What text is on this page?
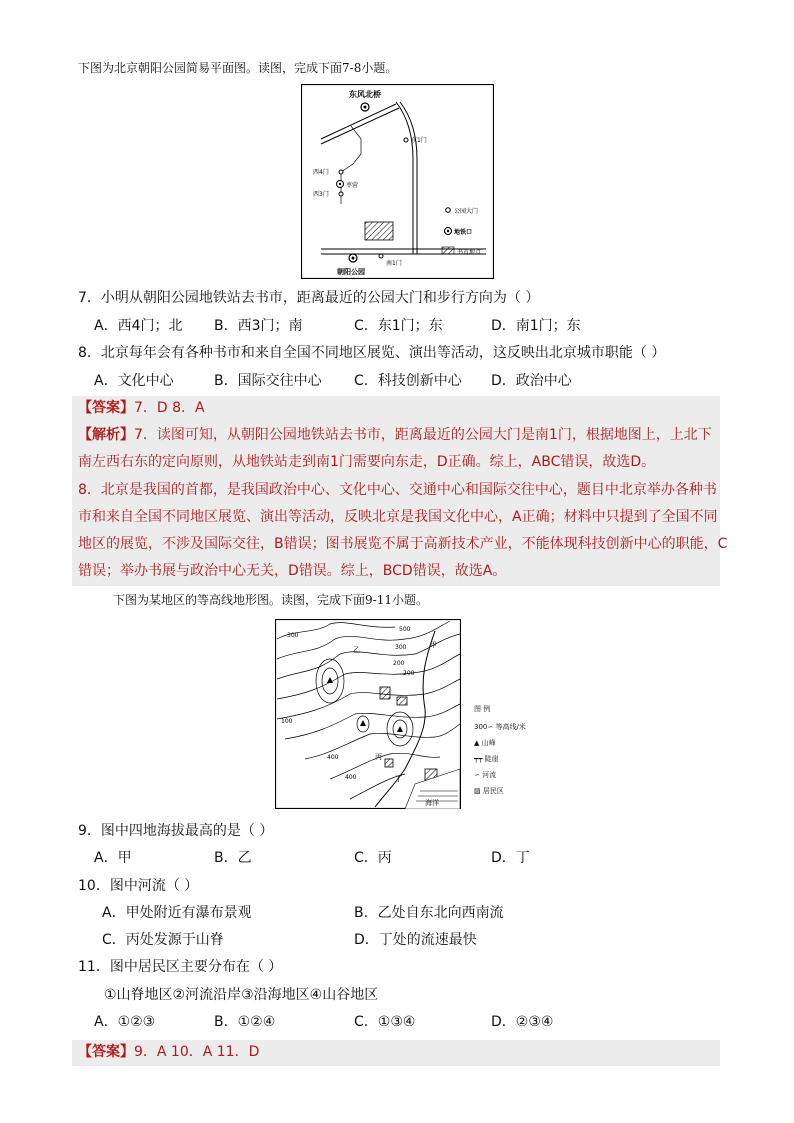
下图为北京朝阳公园简易平面图。读图，完成下面7-8小题。
东风北桥
东1门
西4门
西3门
枣营
朝阳公园
南1门
公园大门
地铁口
书市地点
7．小明从朝阳公园地铁站去书市，距离最近的公园大门和步行方向为（ ）
A．西4门；北 B．西3门；南	C．东1门；东	D．南1门；东
8．北京每年会有各种书市和来自全国不同地区展览、演出等活动，这反映出北京城市职能（ ）
A．文化中心	B．国际交往中心 C．科技创新中心 D．政治中心
【答案】7．D 8．A
【解析】7．读图可知，从朝阳公园地铁站去书市，距离最近的公园大门是南1门，根据地图上，上北下
南左西右东的定向原则，从地铁站走到南1门需要向东走，D正确。综上，ABC错误，故选D。
8．北京是我国的首都，是我国政治中心、文化中心、交通中心和国际交往中心，题目中北京举办各种书
市和来自全国不同地区展览、演出等活动，反映北京是我国文化中心，A正确；材料中只提到了全国不同
地区的展览，不涉及国际交往，B错误；图书展览不属于高新技术产业，不能体现科技创新中心的职能，C
错误；举办书展与政治中心无关，D错误。综上，BCD错误，故选A。
下图为某地区的等高线地形图。读图，完成下面9-11小题。
海洋
300
500
300
200
100
400
400
200
甲
乙
丙
丁
图 例
300∽ 等高线/米
▲ 山峰
┯┯ 陡崖
∽ 河流
▨ 居民区
9．图中四地海拔最高的是（ ）
A．甲	B．乙	C．丙	D．丁
10．图中河流（ ）
A．甲处附近有瀑布景观	B．乙处自东北向西南流
C．丙处发源于山脊	D．丁处的流速最快
11．图中居民区主要分布在（ ）
①山脊地区②河流沿岸③沿海地区④山谷地区
A．①②③	B．①②④	C．①③④	D．②③④
【答案】9．A 10．A 11．D
